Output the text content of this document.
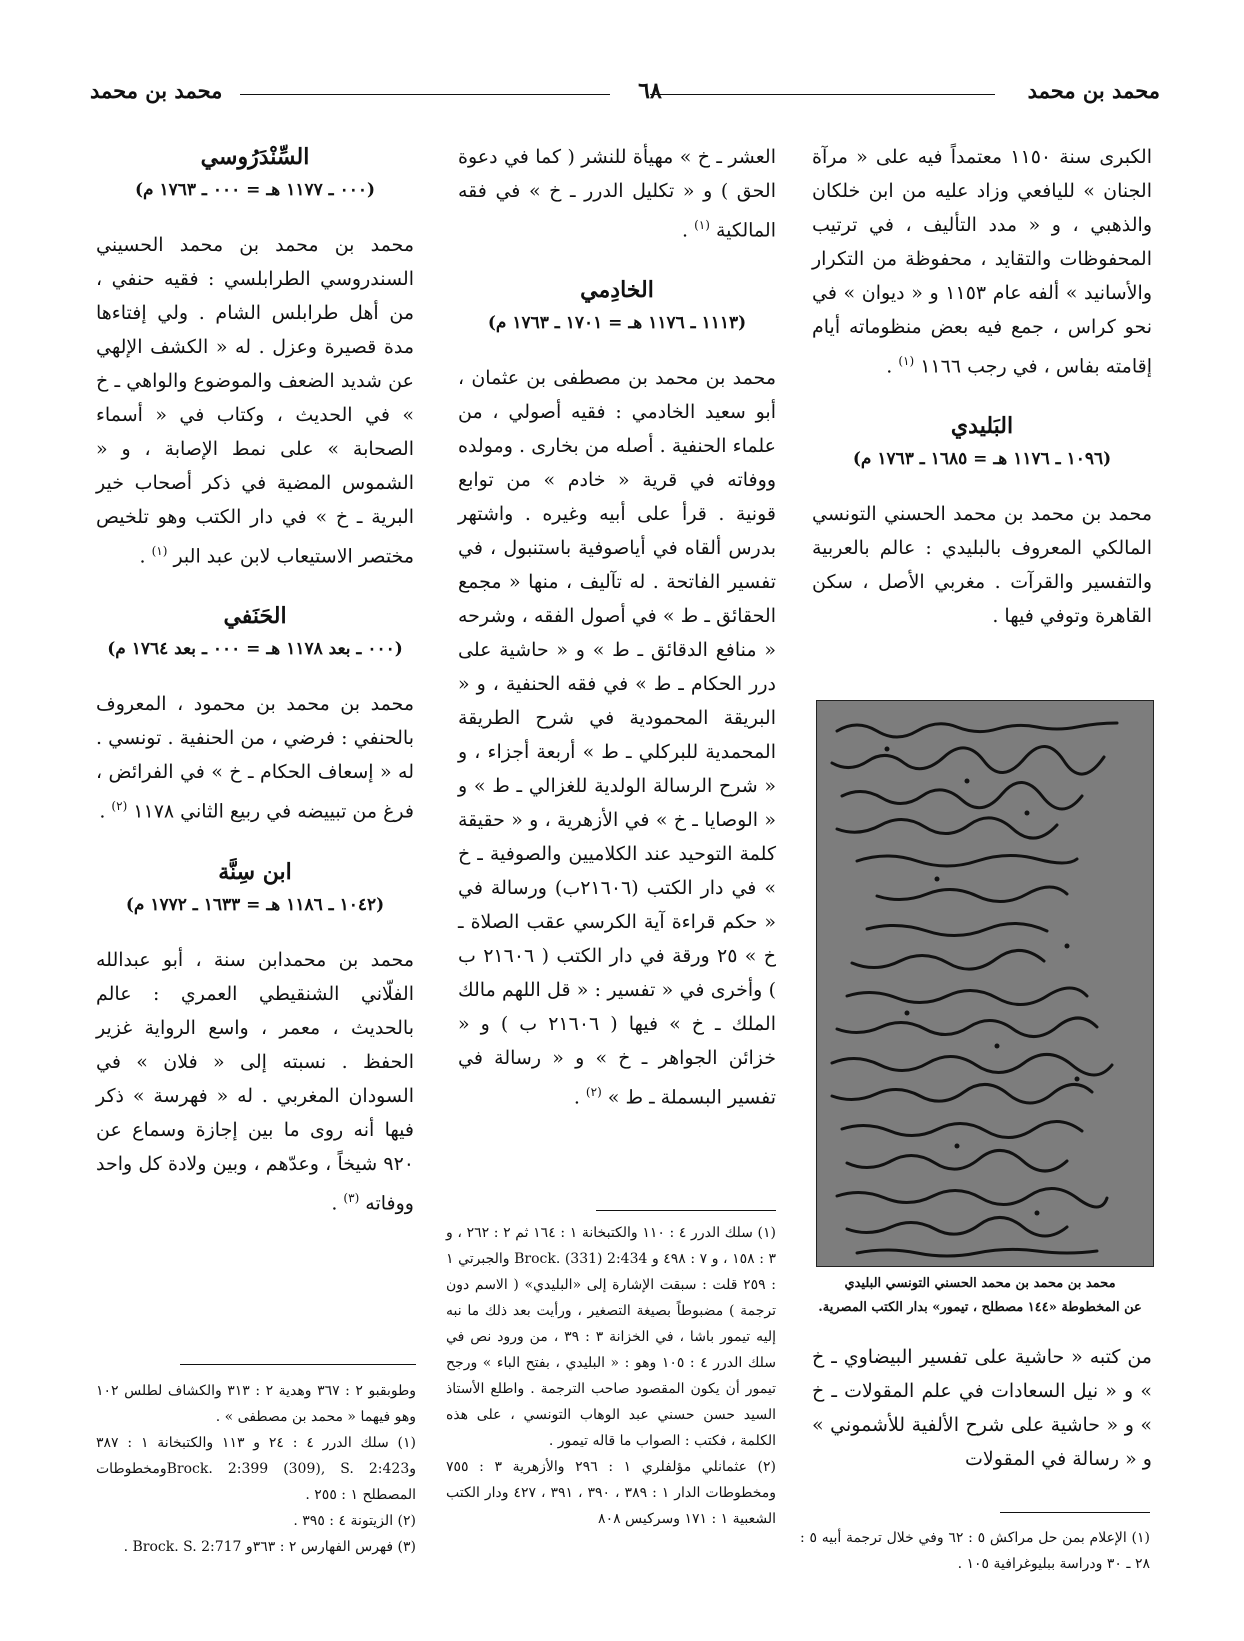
محمد بن محمد
٦٨
محمد بن محمد

الكبرى سنة ١١٥٠ معتمداً فيه على « مرآة الجنان » لليافعي وزاد عليه من ابن خلكان والذهبي ، و « مدد التأليف ، في ترتيب المحفوظات والتقايد ، محفوظة من التكرار والأسانيد » ألفه عام ١١٥٣ و « ديوان » في نحو كراس ، جمع فيه بعض منظوماته أيام إقامته بفاس ، في رجب ١١٦٦ $^{(١)}$ .

البَليدي
(١٠٩٦ ـ ١١٧٦ هـ = ١٦٨٥ ـ ١٧٦٣ م)

محمد بن محمد بن محمد الحسني التونسي المالكي المعروف بالبليدي : عالم بالعربية والتفسير والقرآت . مغربي الأصل ، سكن القاهرة وتوفي فيها .

محمد بن محمد بن محمد الحسني التونسي البليدي
عن المخطوطة «١٤٤ مصطلح ، تيمور» بدار الكتب المصرية.

من كتبه « حاشية على تفسير البيضاوي ـ خ » و « نيل السعادات في علم المقولات ـ خ » و « حاشية على شرح الألفية للأشموني » و « رسالة في المقولات

العشر ـ خ » مهيأة للنشر ( كما في دعوة الحق ) و « تكليل الدرر ـ خ » في فقه المالكية $^{(١)}$ .

الخادِمي
(١١١٣ ـ ١١٧٦ هـ = ١٧٠١ ـ ١٧٦٣ م)

محمد بن محمد بن مصطفى بن عثمان ، أبو سعيد الخادمي : فقيه أصولي ، من علماء الحنفية . أصله من بخارى . ومولده ووفاته في قرية « خادم » من توابع قونية . قرأ على أبيه وغيره . واشتهر بدرس ألقاه في أياصوفية باستنبول ، في تفسير الفاتحة . له تآليف ، منها « مجمع الحقائق ـ ط » في أصول الفقه ، وشرحه « منافع الدقائق ـ ط » و « حاشية على درر الحكام ـ ط » في فقه الحنفية ، و « البريقة المحمودية في شرح الطريقة المحمدية للبركلي ـ ط » أربعة أجزاء ، و « شرح الرسالة الولدية للغزالي ـ ط » و « الوصايا ـ خ » في الأزهرية ، و « حقيقة كلمة التوحيد عند الكلاميين والصوفية ـ خ » في دار الكتب (٢١٦٠٦ب) ورسالة في « حكم قراءة آية الكرسي عقب الصلاة ـ خ » ٢٥ ورقة في دار الكتب ( ٢١٦٠٦ ب ) وأخرى في « تفسير : « قل اللهم مالك الملك ـ خ » فيها ( ٢١٦٠٦ ب ) و « خزائن الجواهر ـ خ » و « رسالة في تفسير البسملة ـ ط » $^{(٢)}$ .

السِّنْدَرُوسي
(٠٠٠ ـ ١١٧٧ هـ = ٠٠٠ ـ ١٧٦٣ م)

محمد بن محمد بن محمد الحسيني السندروسي الطرابلسي : فقيه حنفي ، من أهل طرابلس الشام . ولي إفتاءها مدة قصيرة وعزل . له « الكشف الإلهي عن شديد الضعف والموضوع والواهي ـ خ » في الحديث ، وكتاب في « أسماء الصحابة » على نمط الإصابة ، و « الشموس المضية في ذكر أصحاب خير البرية ـ خ » في دار الكتب وهو تلخيص مختصر الاستيعاب لابن عبد البر $^{(١)}$ .

الحَنَفي
(٠٠٠ ـ بعد ١١٧٨ هـ = ٠٠٠ ـ بعد ١٧٦٤ م)

محمد بن محمد بن محمود ، المعروف بالحنفي : فرضي ، من الحنفية . تونسي . له « إسعاف الحكام ـ خ » في الفرائض ، فرغ من تبييضه في ربيع الثاني ١١٧٨ $^{(٢)}$ .

ابن سِنَّة
(١٠٤٢ ـ ١١٨٦ هـ = ١٦٣٣ ـ ١٧٧٢ م)

محمد بن محمدابن سنة ، أبو عبدالله الفلّاني الشنقيطي العمري : عالم بالحديث ، معمر ، واسع الرواية غزير الحفظ . نسبته إلى « فلان » في السودان المغربي . له « فهرسة » ذكر فيها أنه روى ما بين إجازة وسماع عن ٩٢٠ شيخاً ، وعدّهم ، وبين ولادة كل واحد ووفاته $^{(٣)}$ .

(١) الإعلام بمن حل مراكش ٥ : ٦٢ وفي خلال ترجمة أبيه ٥ : ٢٨ ـ ٣٠ ودراسة ببليوغرافية ١٠٥ .

(١) سلك الدرر ٤ : ١١٠ والكتبخانة ١ : ١٦٤ ثم ٢ : ٢٦٢ ، و ٣ : ١٥٨ ، و ٧ : ٤٩٨ و Brock. (331) 2:434 والجبرتي ١ : ٢٥٩ قلت : سبقت الإشارة إلى «البليدي» ( الاسم دون ترجمة ) مضبوطاً بصيغة التصغير ، ورأيت بعد ذلك ما نبه إليه تيمور باشا ، في الخزانة ٣ : ٣٩ ، من ورود نص في سلك الدرر ٤ : ١٠٥ وهو : « البليدي ، بفتح الباء » ورجح تيمور أن يكون المقصود صاحب الترجمة . واطلع الأستاذ السيد حسن حسني عبد الوهاب التونسي ، على هذه الكلمة ، فكتب : الصواب ما قاله تيمور .

(٢) عثمانلي مؤلفلري ١ : ٢٩٦ والأزهرية ٣ : ٧٥٥ ومخطوطات الدار ١ : ٣٨٩ ، ٣٩٠ ، ٣٩١ ، ٤٢٧ ودار الكتب الشعبية ١ : ١٧١ وسركيس ٨٠٨

وطوبقبو ٢ : ٣٦٧ وهدية ٢ : ٣١٣ والكشاف لطلس ١٠٢ وهو فيهما « محمد بن مصطفى » .

(١) سلك الدرر ٤ : ٢٤ و ١١٣ والكتبخانة ١ : ٣٨٧ وBrock. 2:399 (309), S. 2:423ومخطوطات المصطلح ١ : ٢٥٥ .

(٢) الزيتونة ٤ : ٣٩٥ .

(٣) فهرس الفهارس ٢ : ٣٦٣و Brock. S. 2:717 .
